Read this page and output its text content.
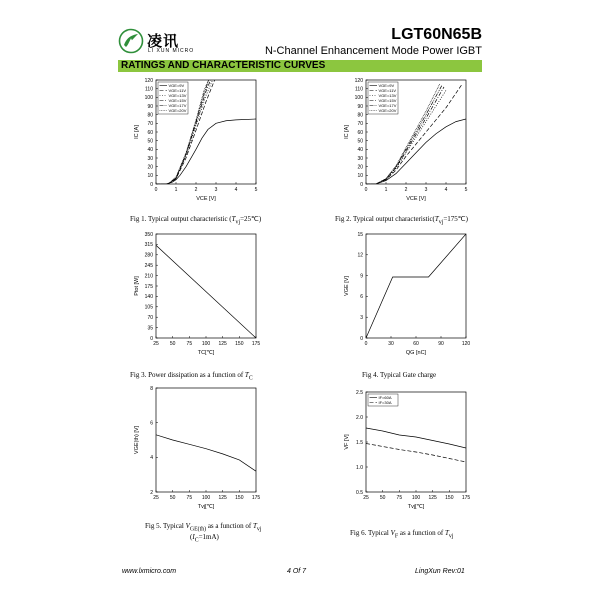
凌讯
LI XUN MICRO
LGT60N65B
N-Channel Enhancement Mode Power IGBT
RATINGS AND CHARACTERISTIC CURVES
0	1	2	3	4	5
0
10
20
30
40
50
60
70
80
90
100
110
120
VCE [V]
IC [A]
VGE=9V
VGE=11V
VGE=13V
VGE=15V
VGE=17V
VGE=20V
0	1	2	3	4	5
0
10
20
30
40
50
60
70
80
90
100
110
120
VCE [V]
IC [A]
VGE=9V
VGE=11V
VGE=13V
VGE=15V
VGE=17V
VGE=20V
25 50 75 100 125 150 175
0
35
70
105
140
175
210
245
280
315
350
TC[℃]
Ptot [W]
0	30	60	90	120
0
3
6
9
12
15
QG [nC]
VGE [V]
25 50 75 100 125 150 175
2
4
6
8
Tvj[℃]
VGE(th) [V]
25 50 75 100 125 150 175
0.5
1.0
1.5
2.0
2.5
Tvj[℃]
VF [V]
IF=60A
IF=30A
Fig 1. Typical output characteristic $(T_{vj}=25℃)$	Fig 2. Typical output $characteristic(T_{vj}=175℃)$
Fig 3. Power dissipation as a function of $T_C$	Fig 4. Typical Gate charge
Fig 5. Typical $V_{GE(th)}$ as a function of $T_{vj}$
$(I_C=1mA)$	Fig 6. Typical $V_F$ as a function of $T_{vj}$
www.lxmicro.com	4 Of 7	LingXun Rev:01
